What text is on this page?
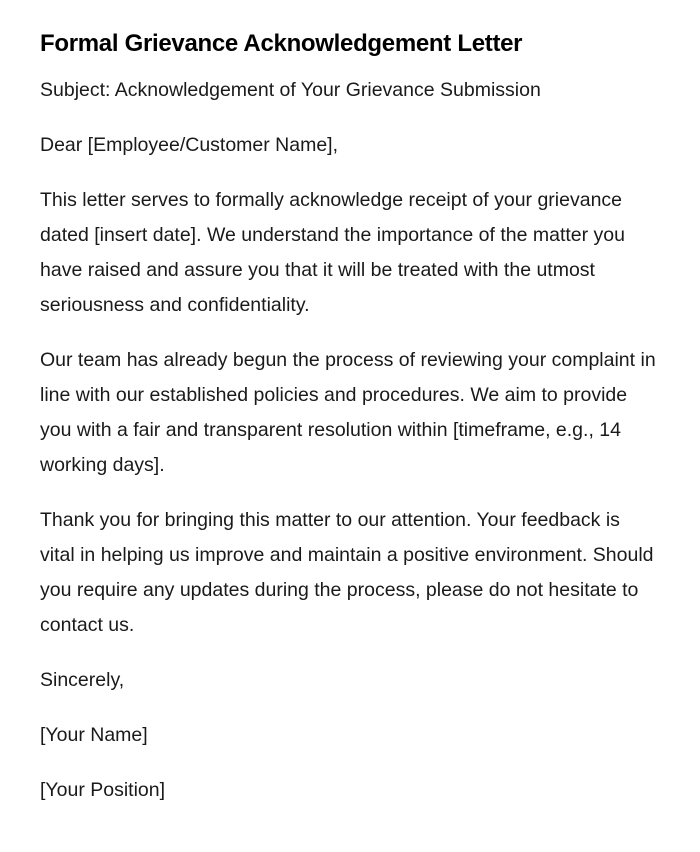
Formal Grievance Acknowledgement Letter

Subject: Acknowledgement of Your Grievance Submission

Dear [Employee/Customer Name],

This letter serves to formally acknowledge receipt of your grievance dated [insert date]. We understand the importance of the matter you have raised and assure you that it will be treated with the utmost seriousness and confidentiality.

Our team has already begun the process of reviewing your complaint in line with our established policies and procedures. We aim to provide you with a fair and transparent resolution within [timeframe, e.g., 14 working days].

Thank you for bringing this matter to our attention. Your feedback is vital in helping us improve and maintain a positive environment. Should you require any updates during the process, please do not hesitate to contact us.

Sincerely,

[Your Name]

[Your Position]
